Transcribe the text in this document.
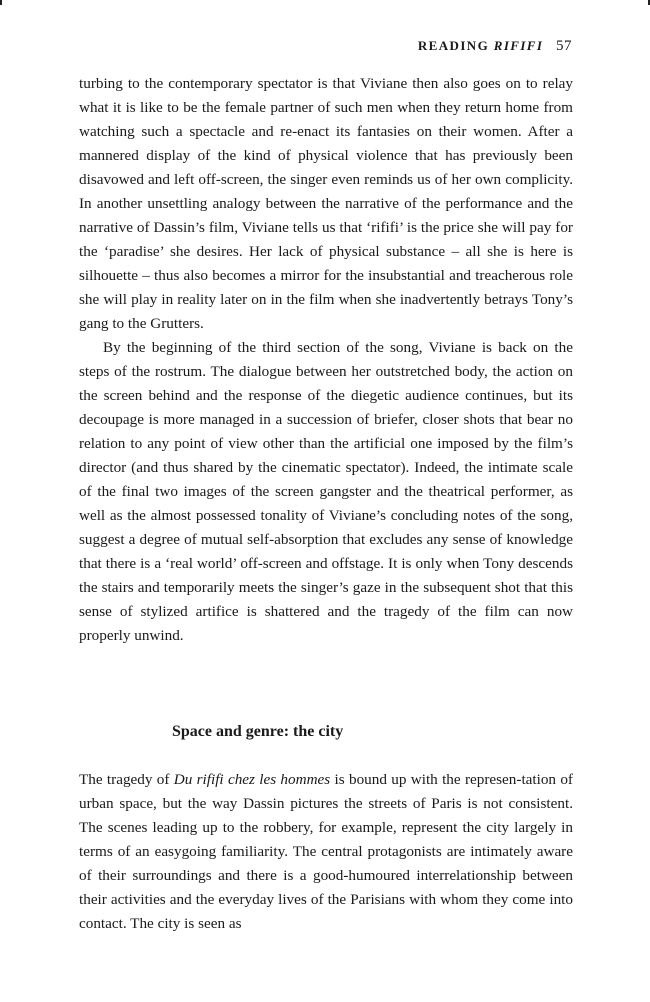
READING RIFIFI 57

turbing to the contemporary spectator is that Viviane then also goes on to relay what it is like to be the female partner of such men when they return home from watching such a spectacle and re-enact its fantasies on their women. After a mannered display of the kind of physical violence that has previously been disavowed and left off-screen, the singer even reminds us of her own complicity. In another unsettling analogy between the narrative of the performance and the narrative of Dassin’s film, Viviane tells us that ‘rififi’ is the price she will pay for the ‘paradise’ she desires. Her lack of physical substance – all she is here is silhouette – thus also becomes a mirror for the insubstantial and treacherous role she will play in reality later on in the film when she inadvertently betrays Tony’s gang to the Grutters.

By the beginning of the third section of the song, Viviane is back on the steps of the rostrum. The dialogue between her outstretched body, the action on the screen behind and the response of the diegetic audience continues, but its decoupage is more managed in a succession of briefer, closer shots that bear no relation to any point of view other than the artificial one imposed by the film’s director (and thus shared by the cinematic spectator). Indeed, the intimate scale of the final two images of the screen gangster and the theatrical performer, as well as the almost possessed tonality of Viviane’s concluding notes of the song, suggest a degree of mutual self-absorption that excludes any sense of knowledge that there is a ‘real world’ off-screen and offstage. It is only when Tony descends the stairs and temporarily meets the singer’s gaze in the subsequent shot that this sense of stylized artifice is shattered and the tragedy of the film can now properly unwind.

Space and genre: the city

The tragedy of Du rififi chez les hommes is bound up with the represen-tation of urban space, but the way Dassin pictures the streets of Paris is not consistent. The scenes leading up to the robbery, for example, represent the city largely in terms of an easygoing familiarity. The central protagonists are intimately aware of their surroundings and there is a good-humoured interrelationship between their activities and the everyday lives of the Parisians with whom they come into contact. The city is seen as
